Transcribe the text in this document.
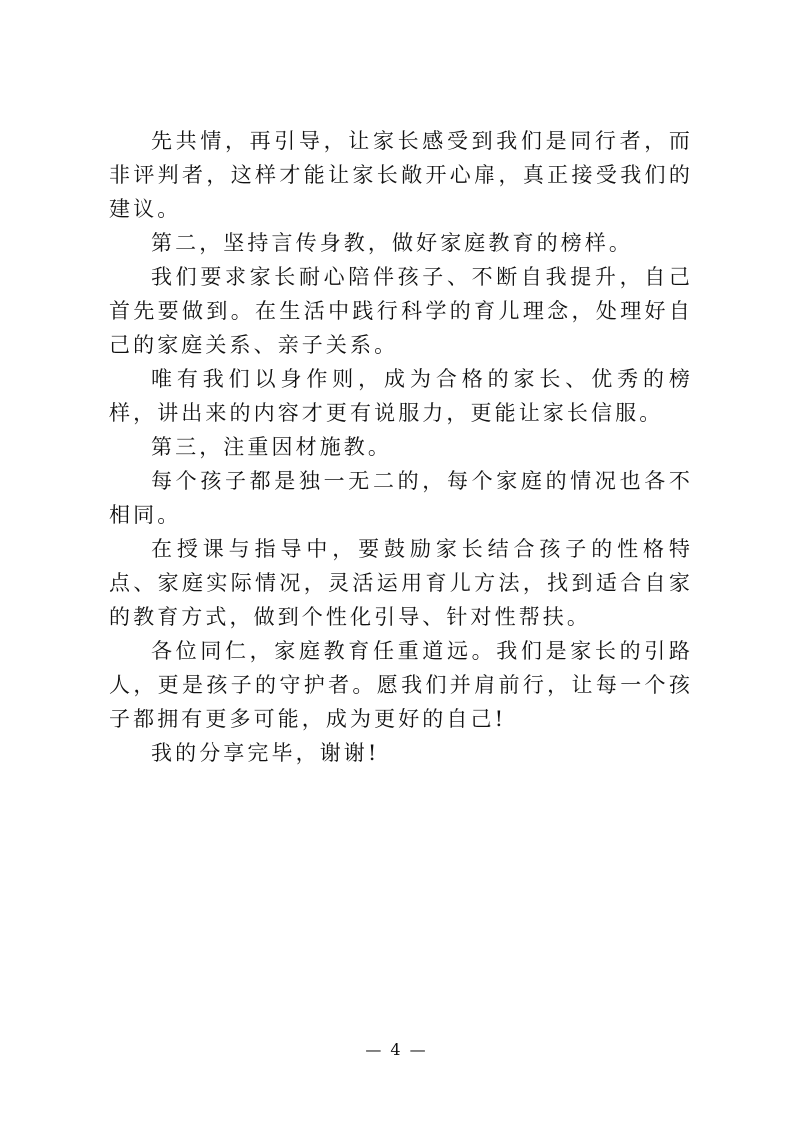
先共情，再引导，让家长感受到我们是同行者，而非评判者，这样才能让家长敞开心扉，真正接受我们的建议。

第二，坚持言传身教，做好家庭教育的榜样。

我们要求家长耐心陪伴孩子、不断自我提升，自己首先要做到。在生活中践行科学的育儿理念，处理好自己的家庭关系、亲子关系。

唯有我们以身作则，成为合格的家长、优秀的榜样，讲出来的内容才更有说服力，更能让家长信服。

第三，注重因材施教。

每个孩子都是独一无二的，每个家庭的情况也各不相同。

在授课与指导中，要鼓励家长结合孩子的性格特点、家庭实际情况，灵活运用育儿方法，找到适合自家的教育方式，做到个性化引导、针对性帮扶。

各位同仁，家庭教育任重道远。我们是家长的引路人，更是孩子的守护者。愿我们并肩前行，让每一个孩子都拥有更多可能，成为更好的自己!

我的分享完毕，谢谢!

— 4 —
